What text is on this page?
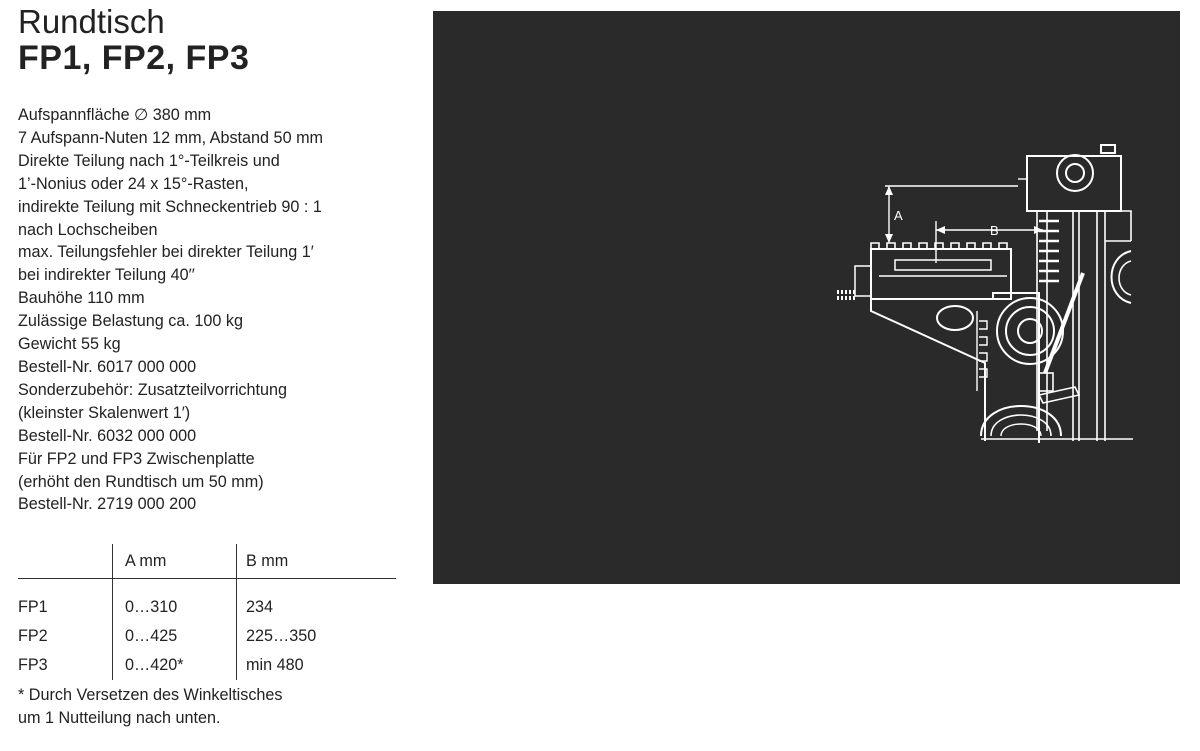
Rundtisch
FP1, FP2, FP3
Aufspannfläche ∅ 380 mm
7 Aufspann-Nuten 12 mm, Abstand 50 mm
Direkte Teilung nach 1°-Teilkreis und
1’-Nonius oder 24 x 15°-Rasten,
indirekte Teilung mit Schneckentrieb 90 : 1
nach Lochscheiben
max. Teilungsfehler bei direkter Teilung 1′
bei indirekter Teilung 40′′
Bauhöhe 110 mm
Zulässige Belastung ca. 100 kg
Gewicht 55 kg
Bestell-Nr. 6017 000 000
Sonderzubehör: Zusatzteilvorrichtung
(kleinster Skalenwert 1′)
Bestell-Nr. 6032 000 000
Für FP2 und FP3 Zwischenplatte
(erhöht den Rundtisch um 50 mm)
Bestell-Nr. 2719 000 200
	A mm	B mm
FP1	0…310	234
FP2	0…425	225…350
FP3	0…420*	min 480
* Durch Versetzen des Winkeltisches
um 1 Nutteilung nach unten.
A
B
